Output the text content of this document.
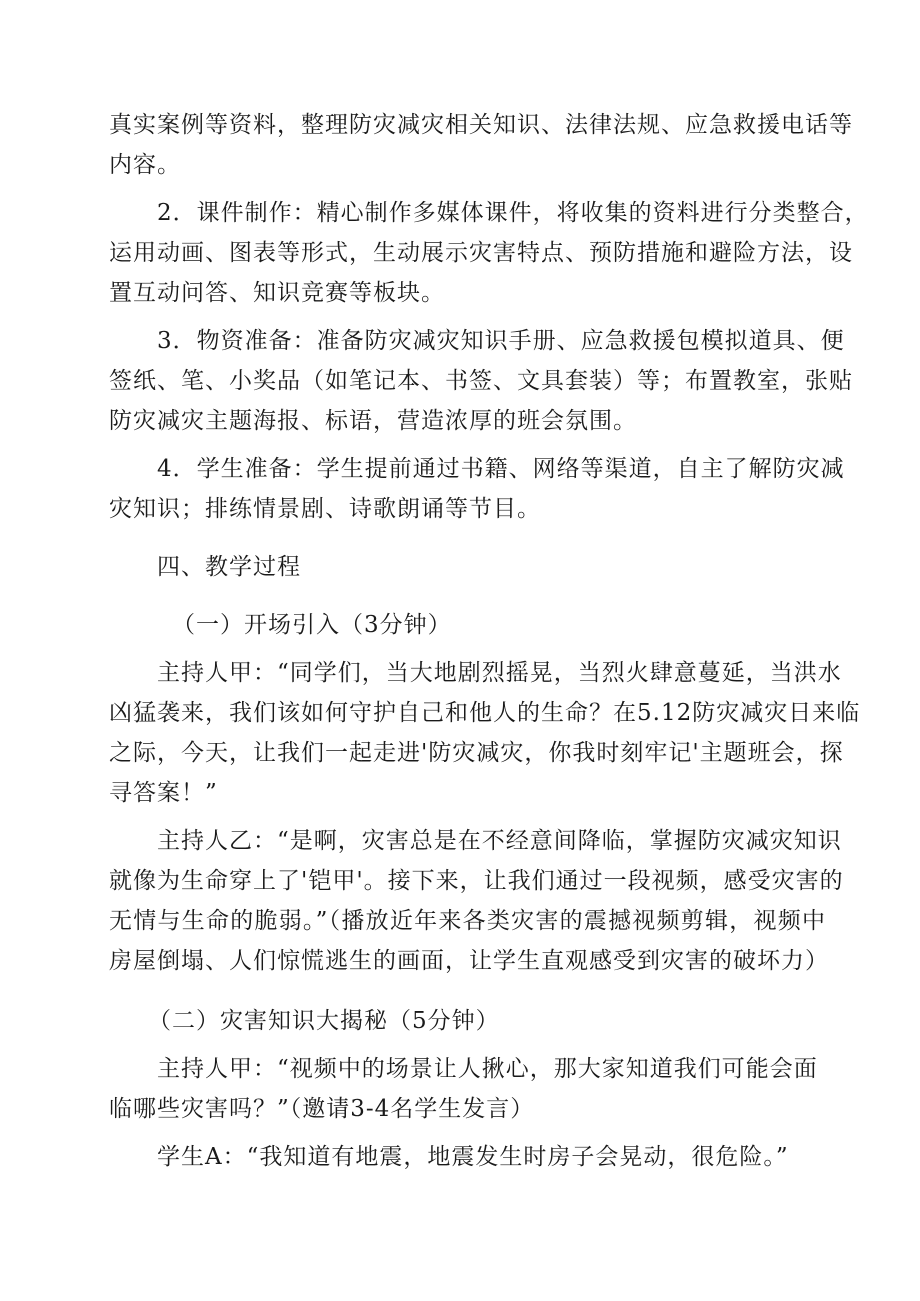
真实案例等资料，整理防灾减灾相关知识、法律法规、应急救援电话等
内容。
2．课件制作：精心制作多媒体课件，将收集的资料进行分类整合，
运用动画、图表等形式，生动展示灾害特点、预防措施和避险方法，设
置互动问答、知识竞赛等板块。
3．物资准备：准备防灾减灾知识手册、应急救援包模拟道具、便
签纸、笔、小奖品（如笔记本、书签、文具套装）等；布置教室，张贴
防灾减灾主题海报、标语，营造浓厚的班会氛围。
4．学生准备：学生提前通过书籍、网络等渠道，自主了解防灾减
灾知识；排练情景剧、诗歌朗诵等节目。
四、教学过程
（一）开场引入（3分钟）
主持人甲：“同学们，当大地剧烈摇晃，当烈火肆意蔓延，当洪水
凶猛袭来，我们该如何守护自己和他人的生命？在5.12防灾减灾日来临
之际，今天，让我们一起走进'防灾减灾，你我时刻牢记'主题班会，探
寻答案！”
主持人乙：“是啊，灾害总是在不经意间降临，掌握防灾减灾知识
就像为生命穿上了'铠甲'。接下来，让我们通过一段视频，感受灾害的
无情与生命的脆弱。”（播放近年来各类灾害的震撼视频剪辑，视频中
房屋倒塌、人们惊慌逃生的画面，让学生直观感受到灾害的破坏力）
（二）灾害知识大揭秘（5分钟）
主持人甲：“视频中的场景让人揪心，那大家知道我们可能会面
临哪些灾害吗？”（邀请3-4名学生发言）
学生A：“我知道有地震，地震发生时房子会晃动，很危险。”
